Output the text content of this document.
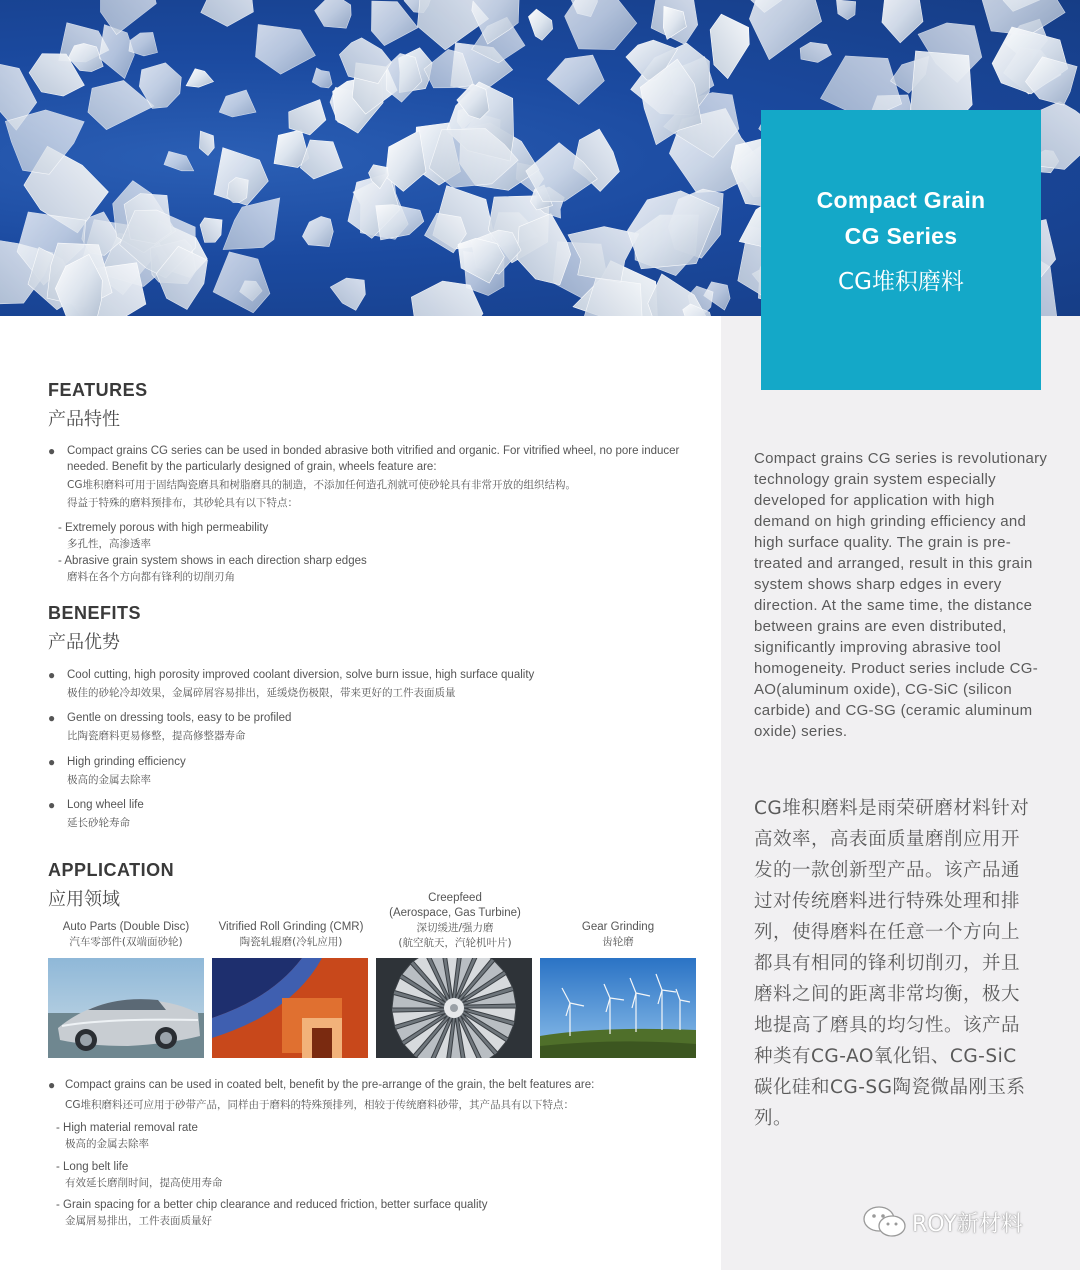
Compact Grain
CG Series
CG堆积磨料
Compact grains CG series is revolutionary technology grain system especially developed for application with high demand on high grinding efficiency and high surface quality. The grain is pre-treated and arranged, result in this grain system shows sharp edges in every direction. At the same time, the distance between grains are even distributed, significantly improving abrasive tool homogeneity. Product series include CG-AO(aluminum oxide), CG-SiC (silicon carbide) and CG-SG (ceramic aluminum oxide) series.
CG堆积磨料是雨荣研磨材料针对高效率，高表面质量磨削应用开发的一款创新型产品。该产品通过对传统磨料进行特殊处理和排列，使得磨料在任意一个方向上都具有相同的锋利切削刃，并且磨料之间的距离非常均衡，极大地提高了磨具的均匀性。该产品种类有CG-AO氧化铝、CG-SiC碳化硅和CG-SG陶瓷微晶刚玉系列。
FEATURES
产品特性
● Compact grains CG series can be used in bonded abrasive both vitrified and organic. For vitrified wheel, no pore inducer needed. Benefit by the particularly designed of grain, wheels feature are:
CG堆积磨料可用于固结陶瓷磨具和树脂磨具的制造，不添加任何造孔剂就可使砂轮具有非常开放的组织结构。
得益于特殊的磨料预排布，其砂轮具有以下特点：
- Extremely porous with high permeability
多孔性，高渗透率
- Abrasive grain system shows in each direction sharp edges
磨料在各个方向都有锋利的切削刃角
BENEFITS
产品优势
● Cool cutting, high porosity improved coolant diversion, solve burn issue, high surface quality
极佳的砂轮冷却效果，金属碎屑容易排出，延缓烧伤极限，带来更好的工件表面质量
● Gentle on dressing tools, easy to be profiled
比陶瓷磨料更易修整，提高修整器寿命
● High grinding efficiency
极高的金属去除率
● Long wheel life
延长砂轮寿命
APPLICATION
应用领域
Auto Parts (Double Disc)
汽车零部件(双端面砂轮)
Vitrified Roll Grinding (CMR)
陶瓷轧辊磨(冷轧应用)
Creepfeed
(Aerospace, Gas Turbine)
深切缓进/强力磨
(航空航天，汽轮机叶片)
Gear Grinding
齿轮磨
● Compact grains can be used in coated belt, benefit by the pre-arrange of the grain, the belt features are:
CG堆积磨料还可应用于砂带产品，同样由于磨料的特殊预排列，相较于传统磨料砂带，其产品具有以下特点：
- High material removal rate
极高的金属去除率
- Long belt life
有效延长磨削时间，提高使用寿命
- Grain spacing for a better chip clearance and reduced friction, better surface quality
金属屑易排出，工件表面质量好	ROY新材料
